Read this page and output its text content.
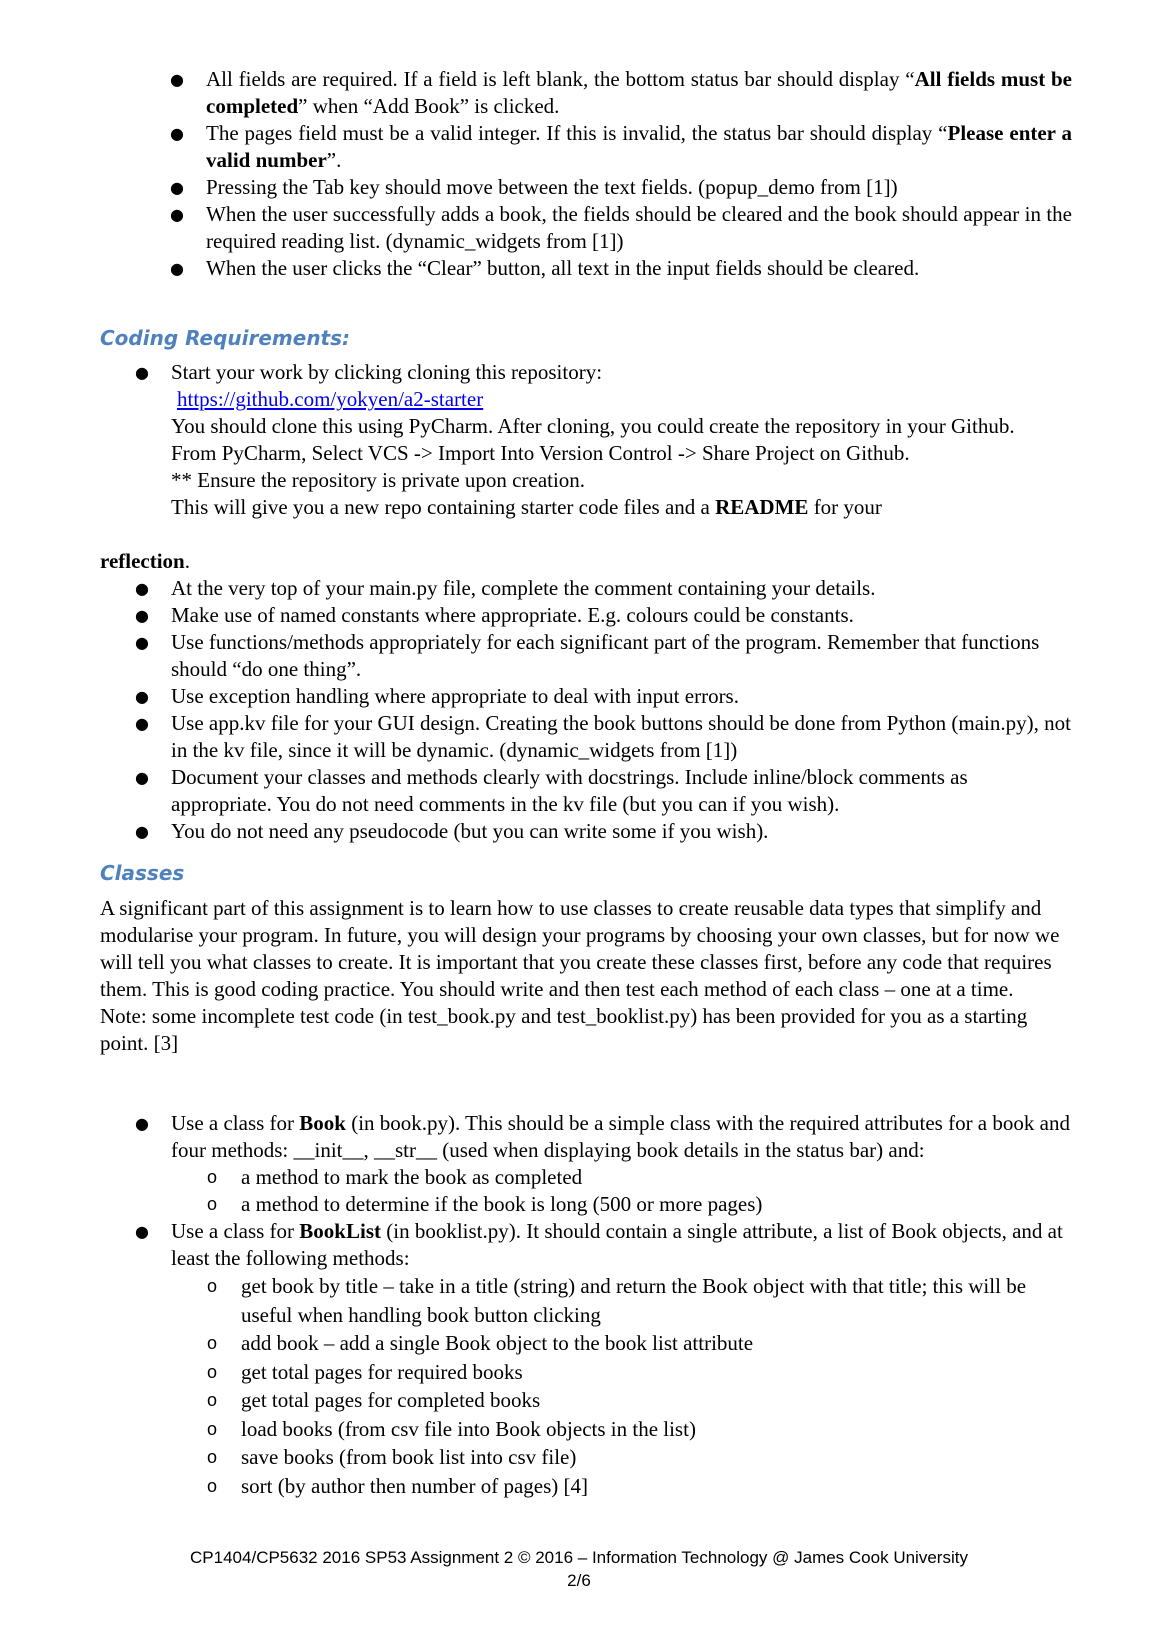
● All fields are required. If a field is left blank, the bottom status bar should display “All fields must be completed” when “Add Book” is clicked.
● The pages field must be a valid integer. If this is invalid, the status bar should display “Please enter a valid number”.
● Pressing the Tab key should move between the text fields. (popup_demo from [1])
● When the user successfully adds a book, the fields should be cleared and the book should appear in the required reading list. (dynamic_widgets from [1])
● When the user clicks the “Clear” button, all text in the input fields should be cleared.
Coding Requirements:
● Start your work by clicking cloning this repository:

https://github.com/yokyen/a2-starter

You should clone this using PyCharm. After cloning, you could create the repository in your Github.

From PyCharm, Select VCS -> Import Into Version Control -> Share Project on Github.

** Ensure the repository is private upon creation.

This will give you a new repo containing starter code files and a README for your

reflection.
● At the very top of your main.py file, complete the comment containing your details.
● Make use of named constants where appropriate. E.g. colours could be constants.
● Use functions/methods appropriately for each significant part of the program. Remember that functions should “do one thing”.
● Use exception handling where appropriate to deal with input errors.
● Use app.kv file for your GUI design. Creating the book buttons should be done from Python (main.py), not in the kv file, since it will be dynamic. (dynamic_widgets from [1])
● Document your classes and methods clearly with docstrings. Include inline/block comments as appropriate. You do not need comments in the kv file (but you can if you wish).
● You do not need any pseudocode (but you can write some if you wish).
Classes

A significant part of this assignment is to learn how to use classes to create reusable data types that simplify and modularise your program. In future, you will design your programs by choosing your own classes, but for now we will tell you what classes to create. It is important that you create these classes first, before any code that requires them. This is good coding practice. You should write and then test each method of each class – one at a time.

Note: some incomplete test code (in test_book.py and test_booklist.py) has been provided for you as a starting point. [3]

● Use a class for Book (in book.py). This should be a simple class with the required attributes for a book and four methods: __init__, __str__ (used when displaying book details in the status bar) and:
o a method to mark the book as completed
o a method to determine if the book is long (500 or more pages)
● Use a class for BookList (in booklist.py). It should contain a single attribute, a list of Book objects, and at least the following methods:
o get book by title – take in a title (string) and return the Book object with that title; this will be useful when handling book button clicking
o add book – add a single Book object to the book list attribute
o get total pages for required books
o get total pages for completed books
o load books (from csv file into Book objects in the list)
o save books (from book list into csv file)
o sort (by author then number of pages) [4]
CP1404/CP5632 2016 SP53 Assignment 2 © 2016 – Information Technology @ James Cook University
2/6
